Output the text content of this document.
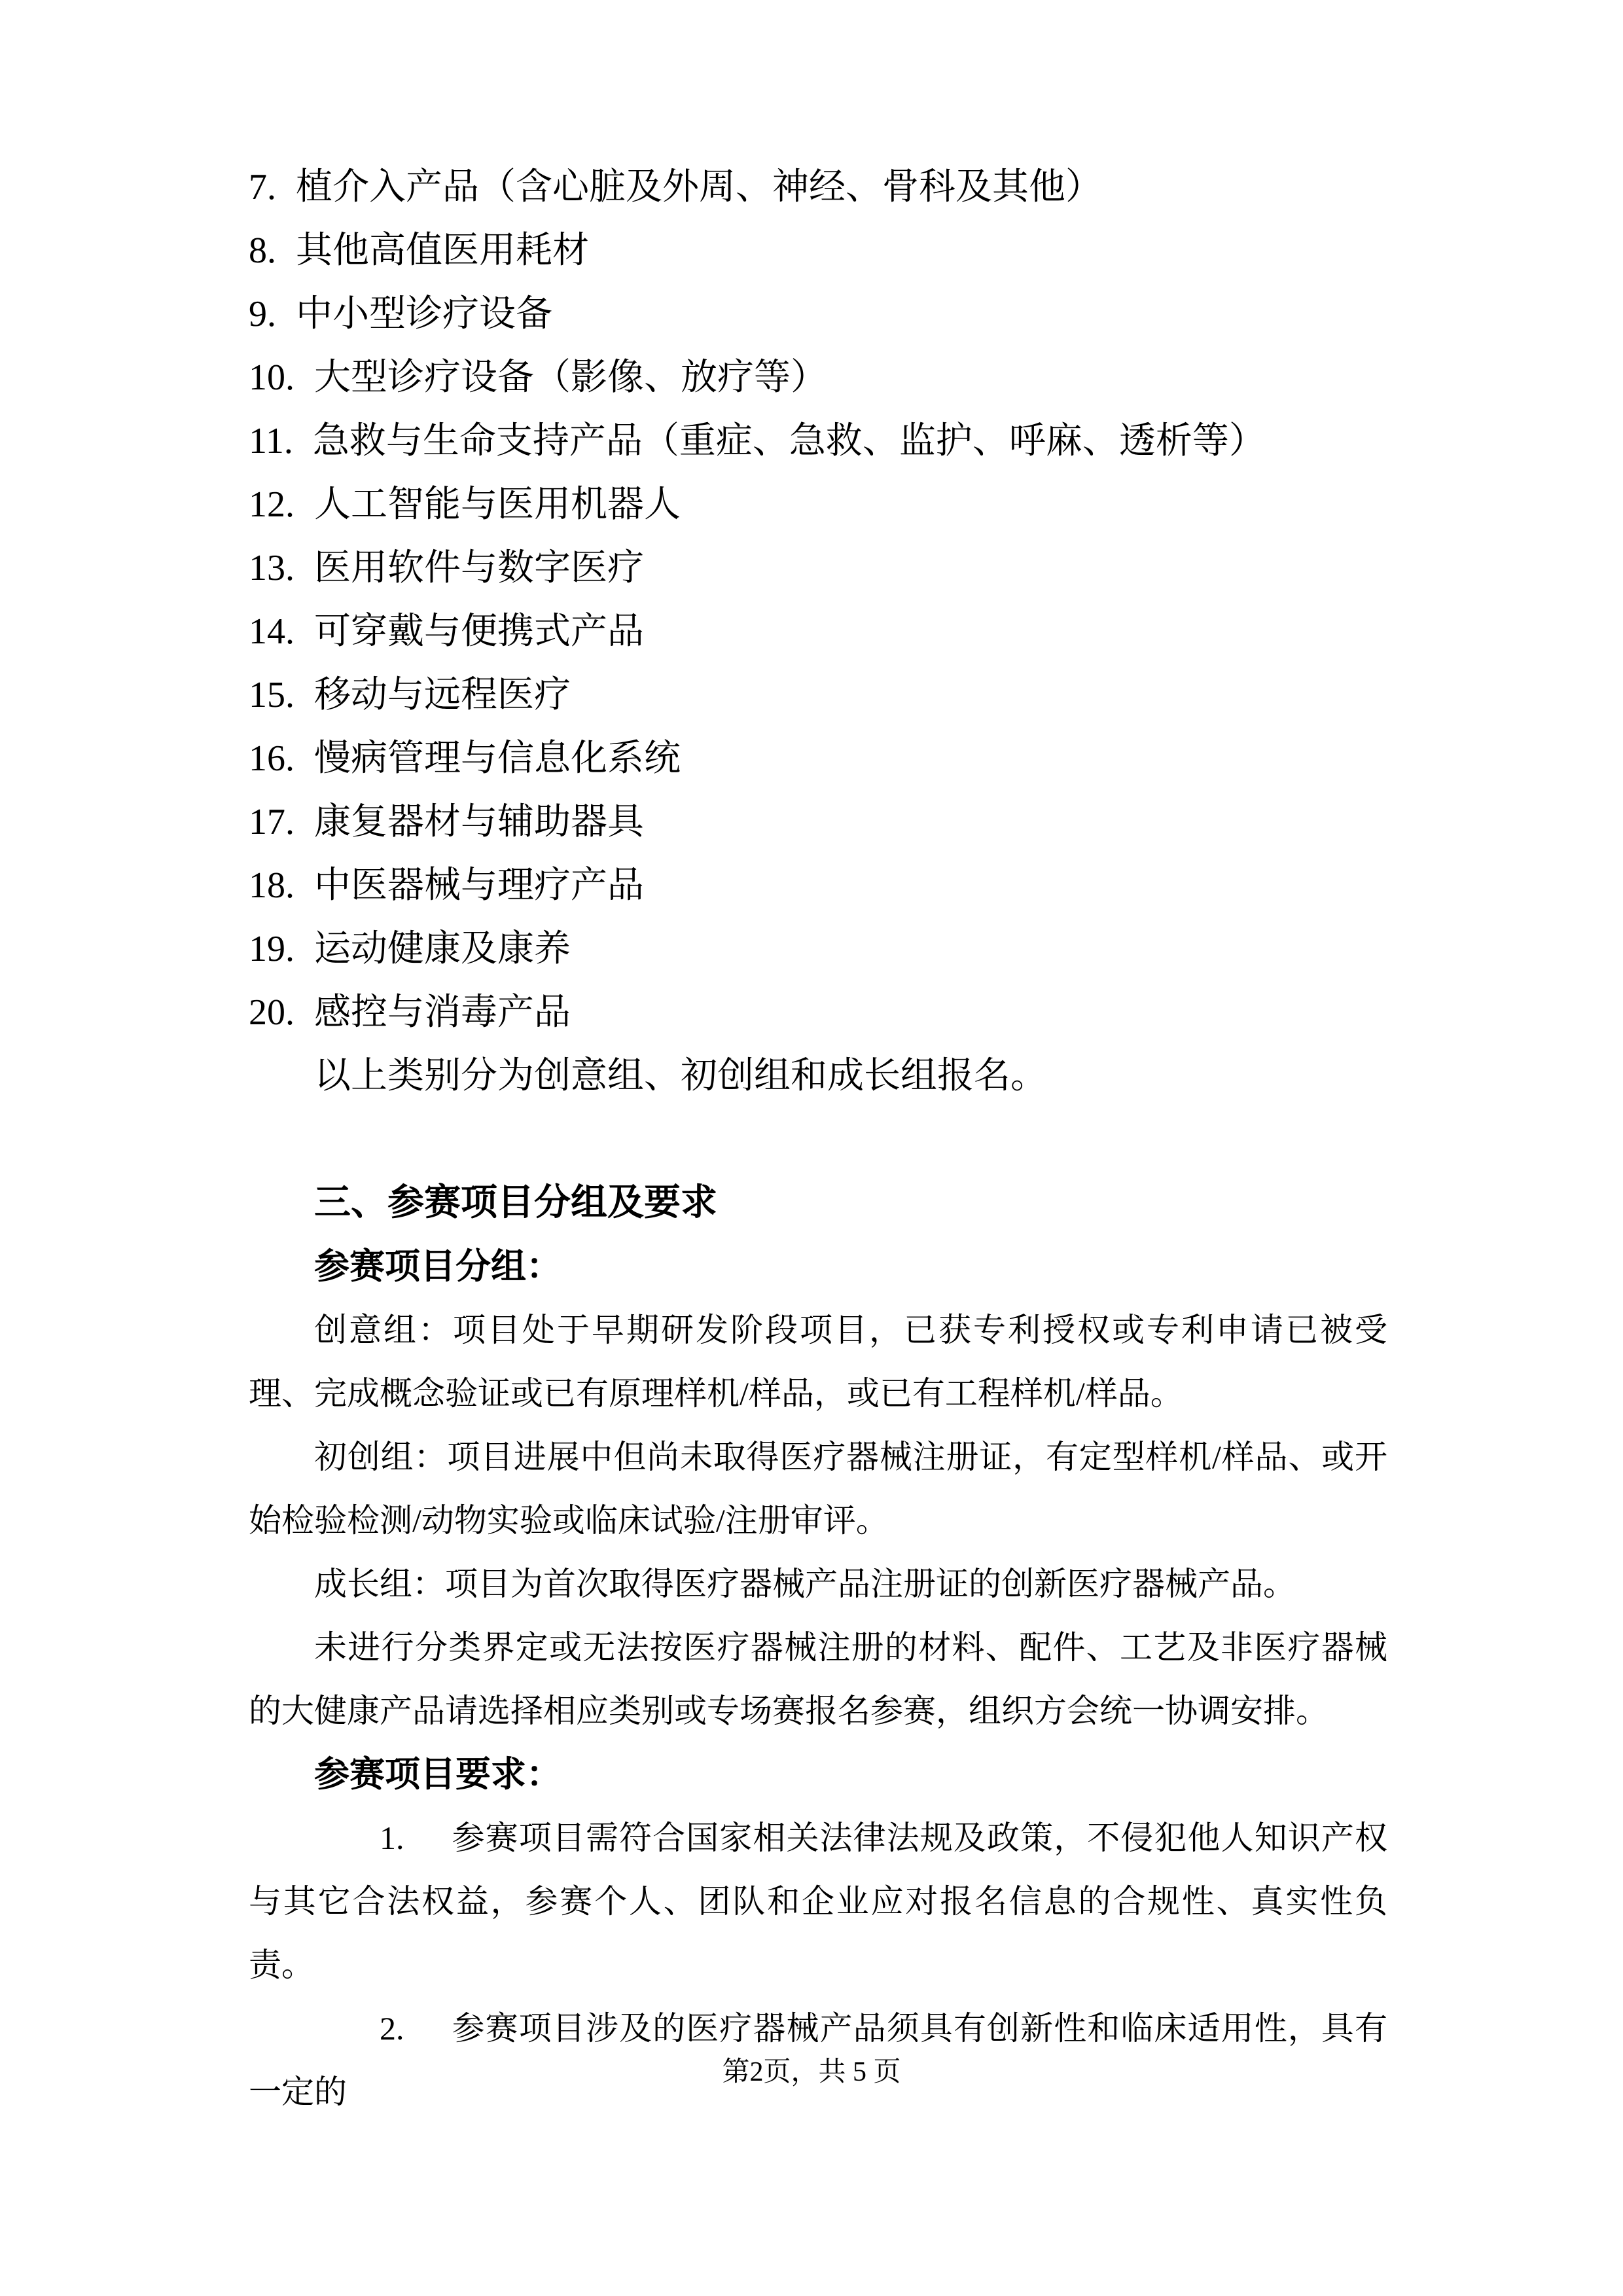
7. 植介入产品（含心脏及外周、神经、骨科及其他）
8. 其他高值医用耗材
9. 中小型诊疗设备
10. 大型诊疗设备（影像、放疗等）
11. 急救与生命支持产品（重症、急救、监护、呼麻、透析等）
12. 人工智能与医用机器人
13. 医用软件与数字医疗
14. 可穿戴与便携式产品
15. 移动与远程医疗
16. 慢病管理与信息化系统
17. 康复器材与辅助器具
18. 中医器械与理疗产品
19. 运动健康及康养
20. 感控与消毒产品
以上类别分为创意组、初创组和成长组报名。
三、参赛项目分组及要求
参赛项目分组：

创意组：项目处于早期研发阶段项目，已获专利授权或专利申请已被受理、完成概念验证或已有原理样机/样品，或已有工程样机/样品。

初创组：项目进展中但尚未取得医疗器械注册证，有定型样机/样品、或开始检验检测/动物实验或临床试验/注册审评。

成长组：项目为首次取得医疗器械产品注册证的创新医疗器械产品。

未进行分类界定或无法按医疗器械注册的材料、配件、工艺及非医疗器械的大健康产品请选择相应类别或专场赛报名参赛，组织方会统一协调安排。

参赛项目要求：

1. 参赛项目需符合国家相关法律法规及政策，不侵犯他人知识产权与其它合法权益，参赛个人、团队和企业应对报名信息的合规性、真实性负责。

2. 参赛项目涉及的医疗器械产品须具有创新性和临床适用性，具有一定的

第2页，共 5 页
